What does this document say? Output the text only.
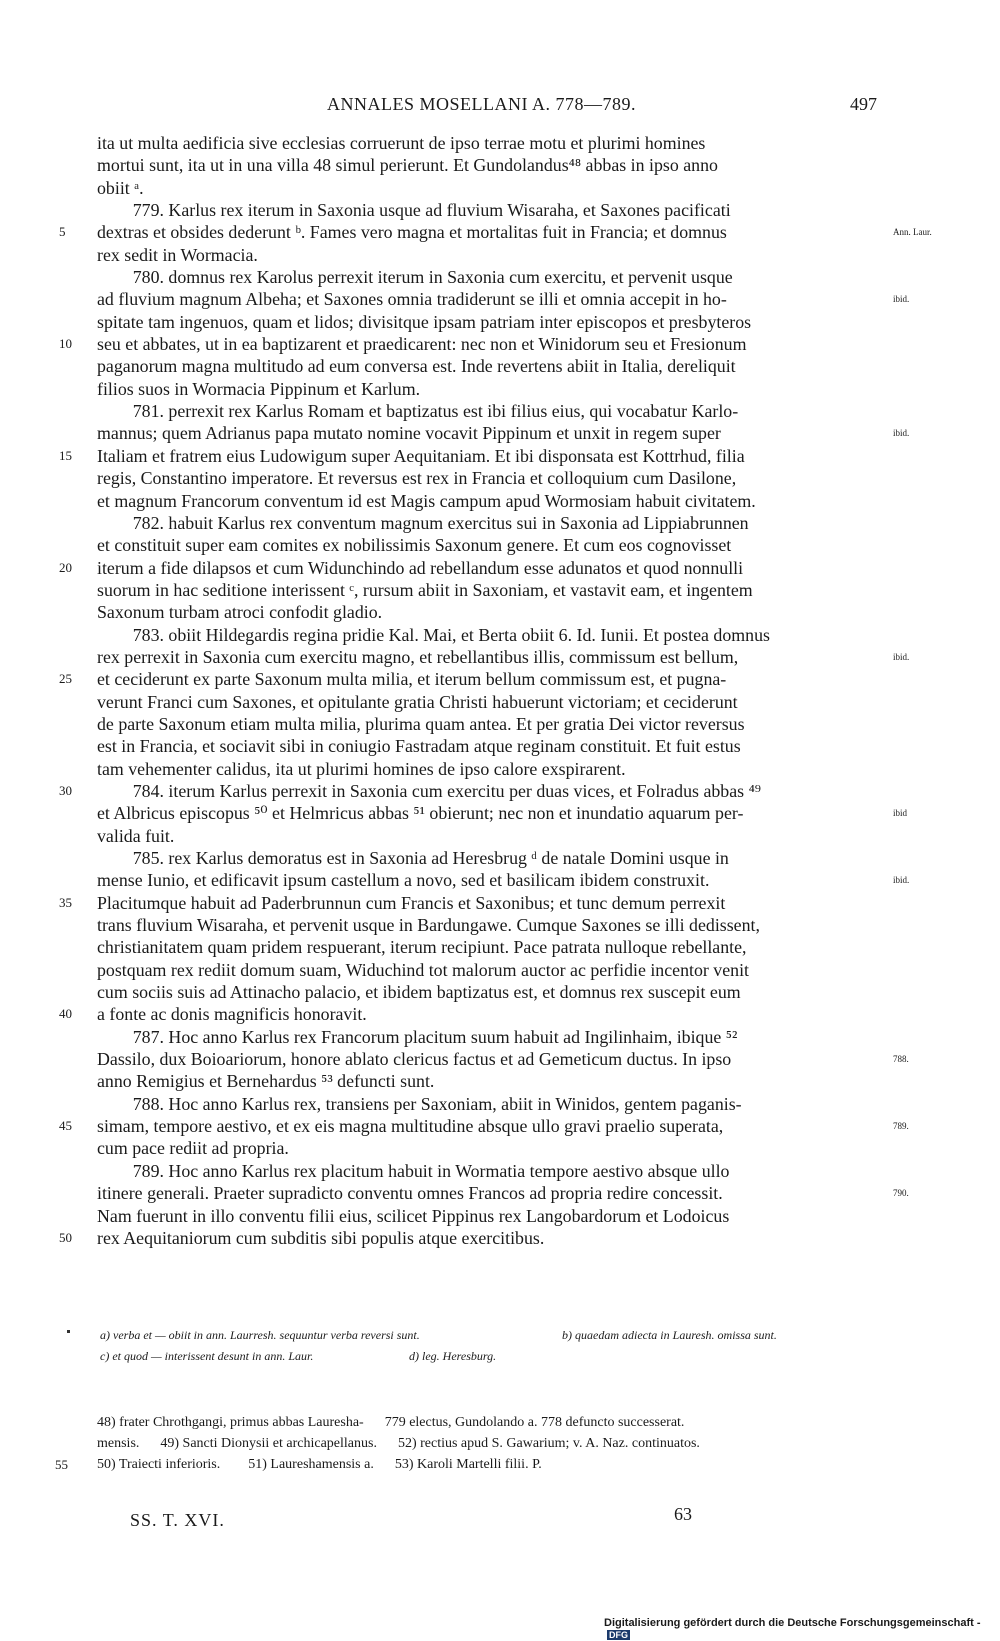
ANNALES MOSELLANI A. 778—789.	497
ita ut multa aedificia sive ecclesias corruerunt de ipso terrae motu et plurimi homines
mortui sunt, ita ut in una villa 48 simul perierunt. Et Gundolandus⁴⁸ abbas in ipso anno
obiit ᵃ.
779. Karlus rex iterum in Saxonia usque ad fluvium Wisaraha, et Saxones pacificati
Ann. Laur.
5	dextras et obsides dederunt ᵇ. Fames vero magna et mortalitas fuit in Francia; et domnus
rex sedit in Wormacia.
780. domnus rex Karolus perrexit iterum in Saxonia cum exercitu, et pervenit usque
ibid.
ad fluvium magnum Albeha; et Saxones omnia tradiderunt se illi et omnia accepit in ho-
spitate tam ingenuos, quam et lidos; divisitque ipsam patriam inter episcopos et presbyteros
10	seu et abbates, ut in ea baptizarent et praedicarent: nec non et Winidorum seu et Fresionum
paganorum magna multitudo ad eum conversa est. Inde revertens abiit in Italia, dereliquit
filios suos in Wormacia Pippinum et Karlum.
781. perrexit rex Karlus Romam et baptizatus est ibi filius eius, qui vocabatur Karlo-
ibid.
mannus; quem Adrianus papa mutato nomine vocavit Pippinum et unxit in regem super
15	Italiam et fratrem eius Ludowigum super Aequitaniam. Et ibi disponsata est Kottrhud, filia
regis, Constantino imperatore. Et reversus est rex in Francia et colloquium cum Dasilone,
et magnum Francorum conventum id est Magis campum apud Wormosiam habuit civitatem.
782. habuit Karlus rex conventum magnum exercitus sui in Saxonia ad Lippiabrunnen
et constituit super eam comites ex nobilissimis Saxonum genere. Et cum eos cognovisset
20	iterum a fide dilapsos et cum Widunchindo ad rebellandum esse adunatos et quod nonnulli
suorum in hac seditione interissent ᶜ, rursum abiit in Saxoniam, et vastavit eam, et ingentem
Saxonum turbam atroci confodit gladio.
783. obiit Hildegardis regina pridie Kal. Mai, et Berta obiit 6. Id. Iunii. Et postea domnus
ibid.
rex perrexit in Saxonia cum exercitu magno, et rebellantibus illis, commissum est bellum,
25	et ceciderunt ex parte Saxonum multa milia, et iterum bellum commissum est, et pugna-
verunt Franci cum Saxones, et opitulante gratia Christi habuerunt victoriam; et ceciderunt
de parte Saxonum etiam multa milia, plurima quam antea. Et per gratia Dei victor reversus
est in Francia, et sociavit sibi in coniugio Fastradam atque reginam constituit. Et fuit estus
tam vehementer calidus, ita ut plurimi homines de ipso calore exspirarent.
30	784. iterum Karlus perrexit in Saxonia cum exercitu per duas vices, et Folradus abbas ⁴⁹
ibid
et Albricus episcopus ⁵⁰ et Helmricus abbas ⁵¹ obierunt; nec non et inundatio aquarum per-
valida fuit.
785. rex Karlus demoratus est in Saxonia ad Heresbrug ᵈ de natale Domini usque in
ibid.
mense Iunio, et edificavit ipsum castellum a novo, sed et basilicam ibidem construxit.
35	Placitumque habuit ad Paderbrunnun cum Francis et Saxonibus; et tunc demum perrexit
trans fluvium Wisaraha, et pervenit usque in Bardungawe. Cumque Saxones se illi dedissent,
christianitatem quam pridem respuerant, iterum recipiunt. Pace patrata nulloque rebellante,
postquam rex rediit domum suam, Widuchind tot malorum auctor ac perfidie incentor venit
cum sociis suis ad Attinacho palacio, et ibidem baptizatus est, et domnus rex suscepit eum
40	a fonte ac donis magnificis honoravit.
787. Hoc anno Karlus rex Francorum placitum suum habuit ad Ingilinhaim, ibique ⁵²
788.
Dassilo, dux Boioariorum, honore ablato clericus factus et ad Gemeticum ductus. In ipso
anno Remigius et Bernehardus ⁵³ defuncti sunt.
788. Hoc anno Karlus rex, transiens per Saxoniam, abiit in Winidos, gentem paganis-
789.
45	simam, tempore aestivo, et ex eis magna multitudine absque ullo gravi praelio superata,
cum pace rediit ad propria.
789. Hoc anno Karlus rex placitum habuit in Wormatia tempore aestivo absque ullo
790.
itinere generali. Praeter supradicto conventu omnes Francos ad propria redire concessit.
Nam fuerunt in illo conventu filii eius, scilicet Pippinus rex Langobardorum et Lodoicus
50	rex Aequitaniorum cum subditis sibi populis atque exercitibus.
a) verba et — obiit in ann. Laurresh. sequuntur verba reversi sunt.	b) quaedam adiecta in Lauresh. omissa sunt.
c) et quod — interissent desunt in ann. Laur.	d) leg. Heresburg.
48) frater Chrothgangi, primus abbas Lauresha-      779 electus, Gundolando a. 778 defuncto successerat.
mensis.      49) Sancti Dionysii et archicapellanus.      52) rectius apud S. Gawarium; v. A. Naz. continuatos.
55	50) Traiecti inferioris.        51) Laureshamensis a.      53) Karoli Martelli filii. P.
SS. T. XVI.	63
Digitalisierung gefördert durch die Deutsche Forschungsgemeinschaft -DFG
